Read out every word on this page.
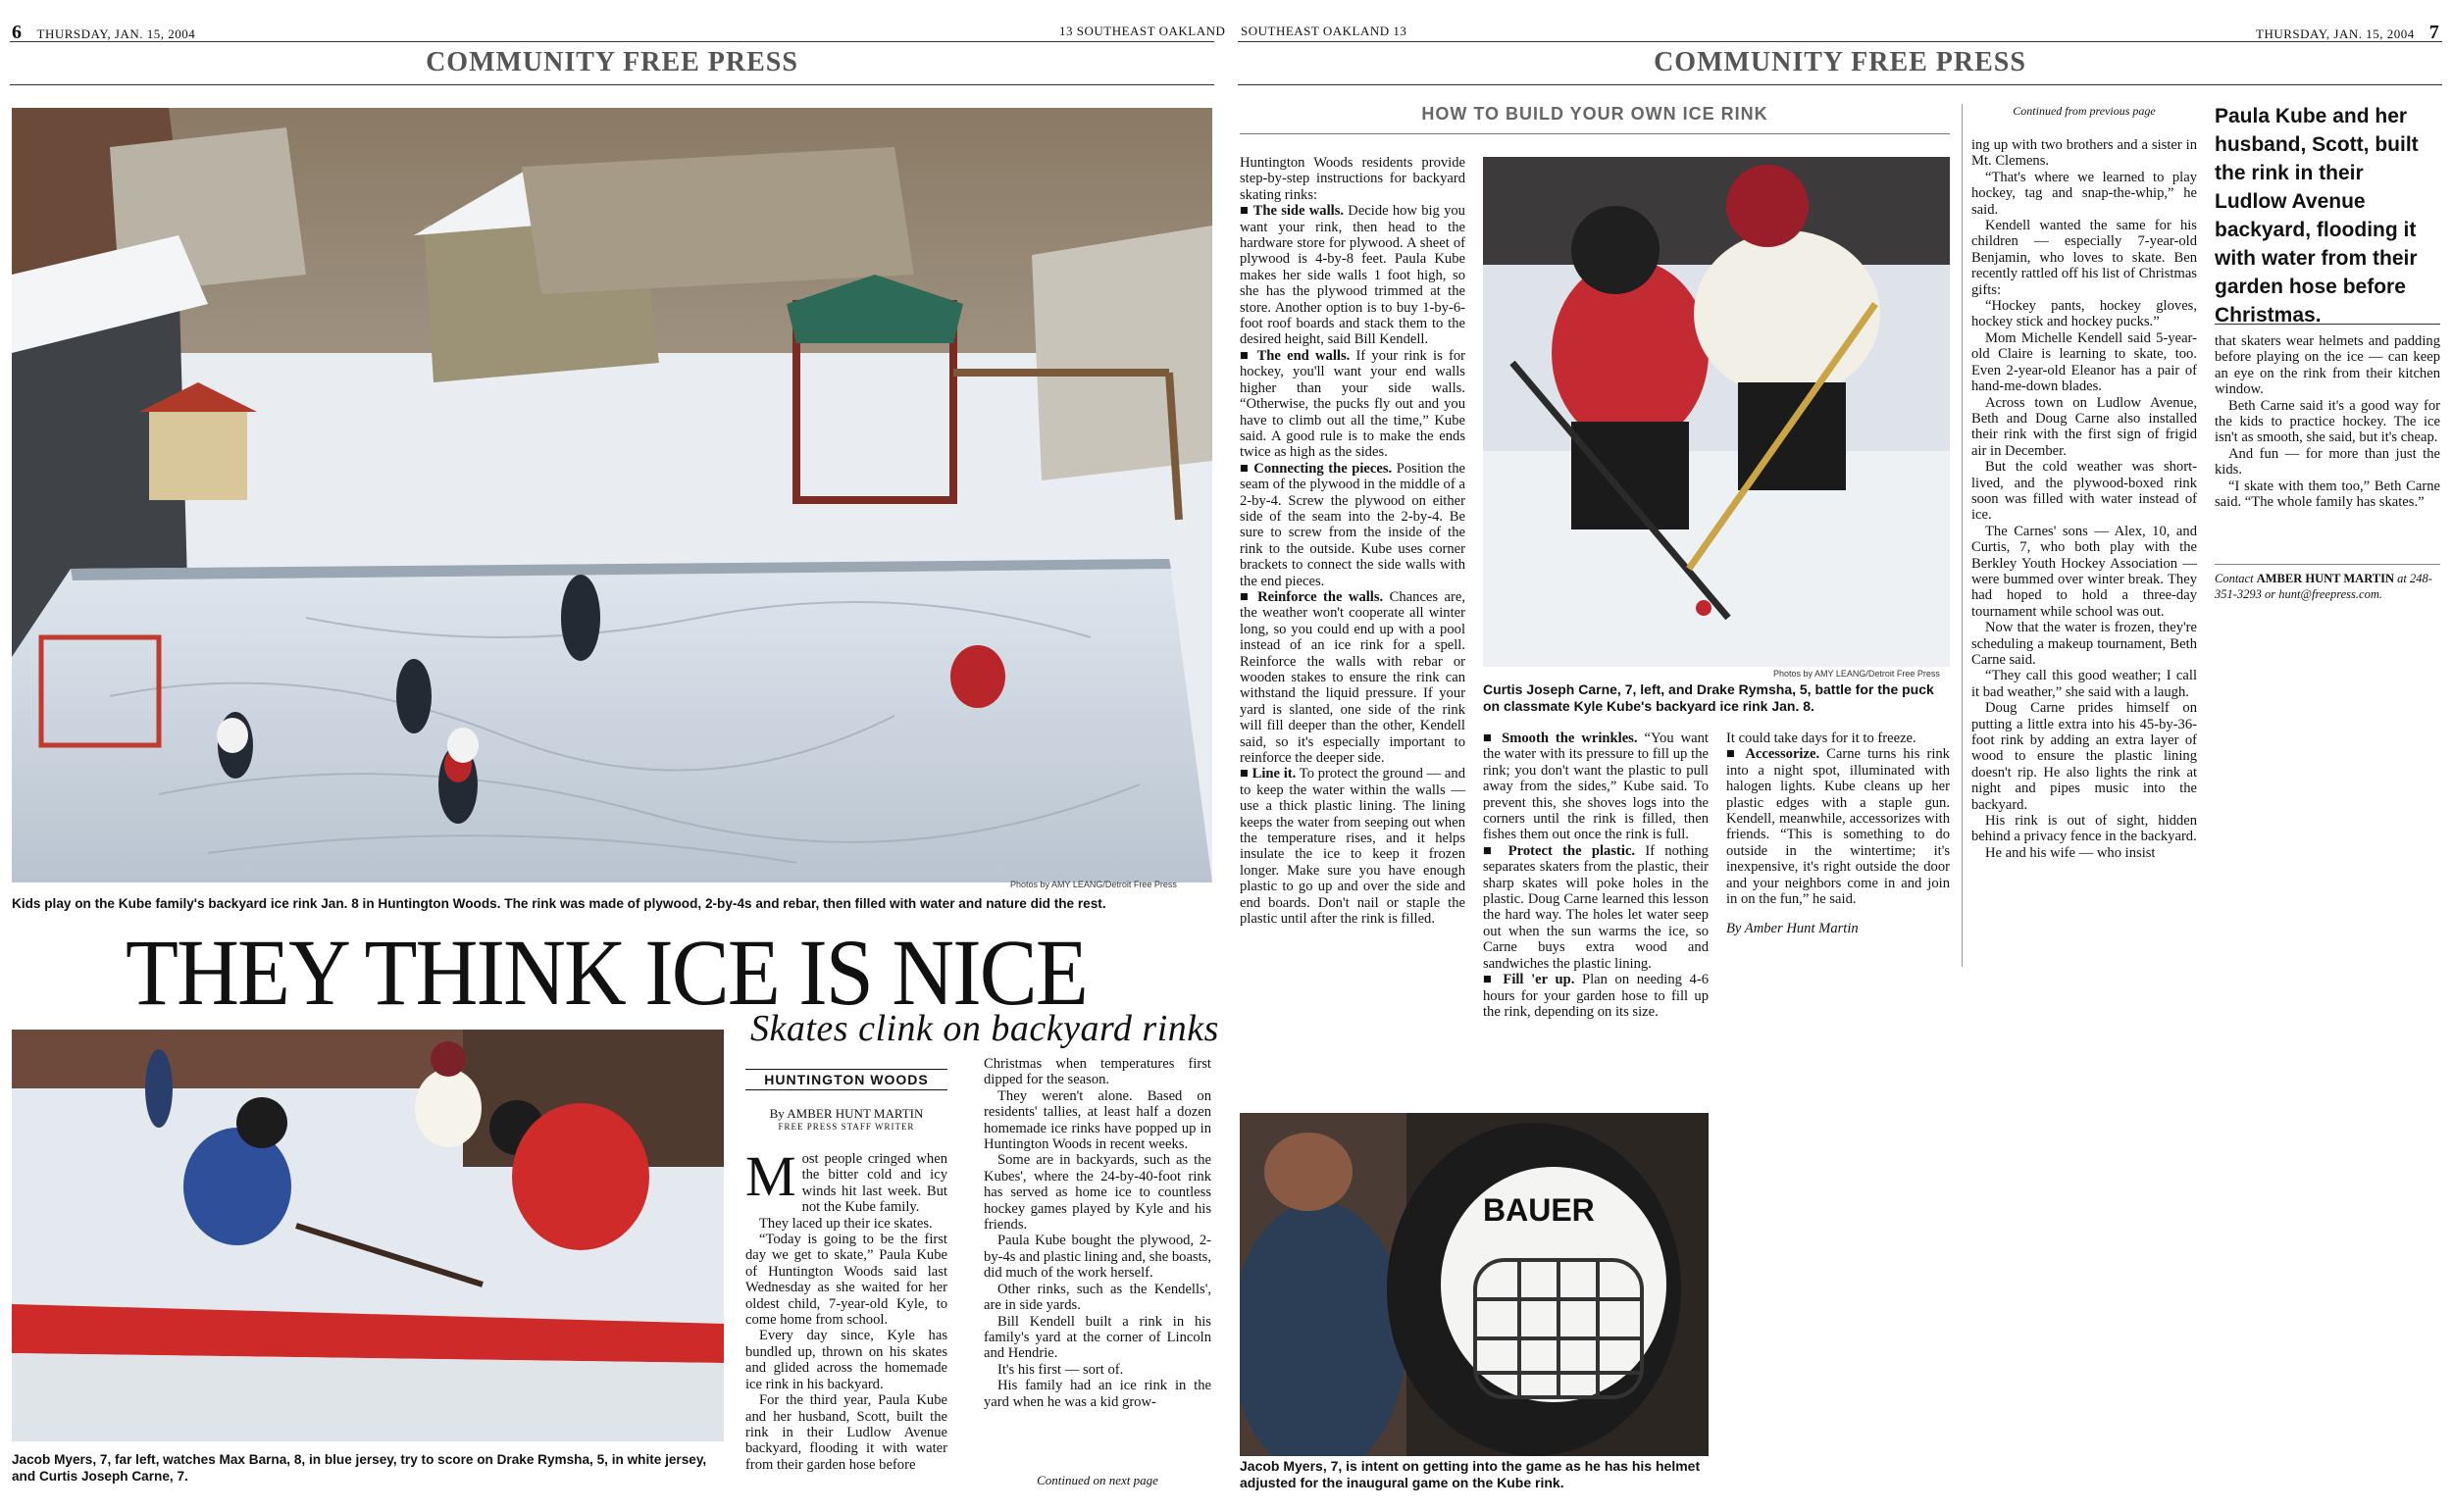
6 THURSDAY, JAN. 15, 2004	13 SOUTHEAST OAKLAND
COMMUNITY FREE PRESS
Photos by AMY LEANG/Detroit Free Press
Kids play on the Kube family's backyard ice rink Jan. 8 in Huntington Woods. The rink was made of plywood, 2-by-4s and rebar, then filled with water and nature did the rest.
THEY THINK ICE IS NICE
Skates clink on backyard rinks
Jacob Myers, 7, far left, watches Max Barna, 8, in blue jersey, try to score on Drake Rymsha, 5, in white jersey, and Curtis Joseph Carne, 7.
HUNTINGTON WOODS
By AMBER HUNT MARTIN
FREE PRESS STAFF WRITER

Most people cringed when the bitter cold and icy winds hit last week. But not the Kube family.

They laced up their ice skates.

“Today is going to be the first day we get to skate,” Paula Kube of Huntington Woods said last Wednesday as she waited for her oldest child, 7-year-old Kyle, to come home from school.

Every day since, Kyle has bundled up, thrown on his skates and glided across the homemade ice rink in his backyard.

For the third year, Paula Kube and her husband, Scott, built the rink in their Ludlow Avenue backyard, flooding it with water from their garden hose before

Christmas when temperatures first dipped for the season.

They weren't alone. Based on residents' tallies, at least half a dozen homemade ice rinks have popped up in Huntington Woods in recent weeks.

Some are in backyards, such as the Kubes', where the 24-by-40-foot rink has served as home ice to countless hockey games played by Kyle and his friends.

Paula Kube bought the plywood, 2-by-4s and plastic lining and, she boasts, did much of the work herself.

Other rinks, such as the Kendells', are in side yards.

Bill Kendell built a rink in his family's yard at the corner of Lincoln and Hendrie.

It's his first — sort of.

His family had an ice rink in the yard when he was a kid grow-

Continued on next page
SOUTHEAST OAKLAND 13	THURSDAY, JAN. 15, 2004 7
COMMUNITY FREE PRESS
HOW TO BUILD YOUR OWN ICE RINK

Huntington Woods residents provide step-by-step instructions for backyard skating rinks:

■ The side walls. Decide how big you want your rink, then head to the hardware store for plywood. A sheet of plywood is 4-by-8 feet. Paula Kube makes her side walls 1 foot high, so she has the plywood trimmed at the store. Another option is to buy 1-by-6-foot roof boards and stack them to the desired height, said Bill Kendell.

■ The end walls. If your rink is for hockey, you'll want your end walls higher than your side walls. “Otherwise, the pucks fly out and you have to climb out all the time,” Kube said. A good rule is to make the ends twice as high as the sides.

■ Connecting the pieces. Position the seam of the plywood in the middle of a 2-by-4. Screw the plywood on either side of the seam into the 2-by-4. Be sure to screw from the inside of the rink to the outside. Kube uses corner brackets to connect the side walls with the end pieces.

■ Reinforce the walls. Chances are, the weather won't cooperate all winter long, so you could end up with a pool instead of an ice rink for a spell. Reinforce the walls with rebar or wooden stakes to ensure the rink can withstand the liquid pressure. If your yard is slanted, one side of the rink will fill deeper than the other, Kendell said, so it's especially important to reinforce the deeper side.

■ Line it. To protect the ground — and to keep the water within the walls — use a thick plastic lining. The lining keeps the water from seeping out when the temperature rises, and it helps insulate the ice to keep it frozen longer. Make sure you have enough plastic to go up and over the side and end boards. Don't nail or staple the plastic until after the rink is filled.

Photos by AMY LEANG/Detroit Free Press
Curtis Joseph Carne, 7, left, and Drake Rymsha, 5, battle for the puck on classmate Kyle Kube's backyard ice rink Jan. 8.

■ Smooth the wrinkles. “You want the water with its pressure to fill up the rink; you don't want the plastic to pull away from the sides,” Kube said. To prevent this, she shoves logs into the corners until the rink is filled, then fishes them out once the rink is full.

■ Protect the plastic. If nothing separates skaters from the plastic, their sharp skates will poke holes in the plastic. Doug Carne learned this lesson the hard way. The holes let water seep out when the sun warms the ice, so Carne buys extra wood and sandwiches the plastic lining.

■ Fill 'er up. Plan on needing 4-6 hours for your garden hose to fill up the rink, depending on its size.

It could take days for it to freeze.

■ Accessorize. Carne turns his rink into a night spot, illuminated with halogen lights. Kube cleans up her plastic edges with a staple gun. Kendell, meanwhile, accessorizes with friends. “This is something to do outside in the wintertime; it's inexpensive, it's right outside the door and your neighbors come in and join in on the fun,” he said.

By Amber Hunt Martin

BAUER
Jacob Myers, 7, is intent on getting into the game as he has his helmet adjusted for the inaugural game on the Kube rink.
Continued from previous page

ing up with two brothers and a sister in Mt. Clemens.

“That's where we learned to play hockey, tag and snap-the-whip,” he said.

Kendell wanted the same for his children — especially 7-year-old Benjamin, who loves to skate. Ben recently rattled off his list of Christmas gifts:

“Hockey pants, hockey gloves, hockey stick and hockey pucks.”

Mom Michelle Kendell said 5-year-old Claire is learning to skate, too. Even 2-year-old Eleanor has a pair of hand-me-down blades.

Across town on Ludlow Avenue, Beth and Doug Carne also installed their rink with the first sign of frigid air in December.

But the cold weather was short-lived, and the plywood-boxed rink soon was filled with water instead of ice.

The Carnes' sons — Alex, 10, and Curtis, 7, who both play with the Berkley Youth Hockey Association — were bummed over winter break. They had hoped to hold a three-day tournament while school was out.

Now that the water is frozen, they're scheduling a makeup tournament, Beth Carne said.

“They call this good weather; I call it bad weather,” she said with a laugh.

Doug Carne prides himself on putting a little extra into his 45-by-36-foot rink by adding an extra layer of wood to ensure the plastic lining doesn't rip. He also lights the rink at night and pipes music into the backyard.

His rink is out of sight, hidden behind a privacy fence in the backyard.

He and his wife — who insist

Paula Kube and her husband, Scott, built the rink in their Ludlow Avenue backyard, flooding it with water from their garden hose before Christmas.

that skaters wear helmets and padding before playing on the ice — can keep an eye on the rink from their kitchen window.

Beth Carne said it's a good way for the kids to practice hockey. The ice isn't as smooth, she said, but it's cheap.

And fun — for more than just the kids.

“I skate with them too,” Beth Carne said. “The whole family has skates.”

Contact AMBER HUNT MARTIN at 248-351-3293 or hunt@freepress.com.
